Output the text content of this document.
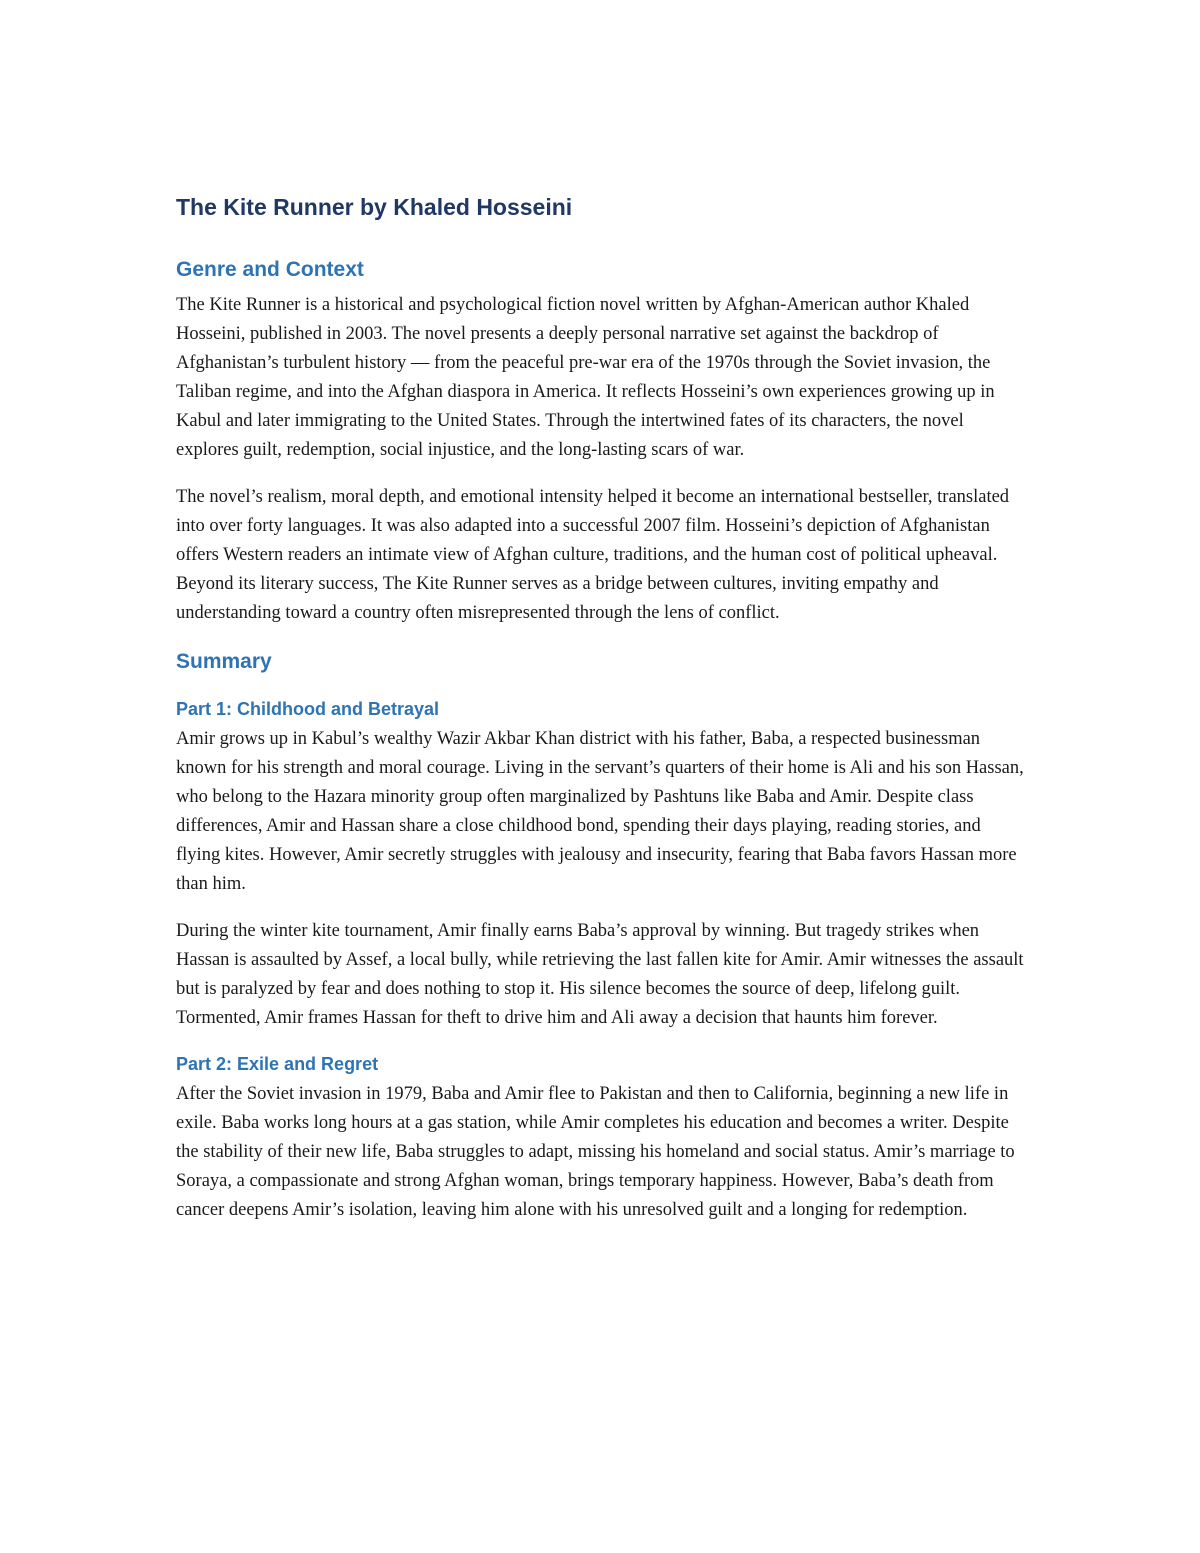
The Kite Runner by Khaled Hosseini
Genre and Context

The Kite Runner is a historical and psychological fiction novel written by Afghan-American author Khaled Hosseini, published in 2003. The novel presents a deeply personal narrative set against the backdrop of Afghanistan’s turbulent history — from the peaceful pre-war era of the 1970s through the Soviet invasion, the Taliban regime, and into the Afghan diaspora in America. It reflects Hosseini’s own experiences growing up in Kabul and later immigrating to the United States. Through the intertwined fates of its characters, the novel explores guilt, redemption, social injustice, and the long-lasting scars of war.

The novel’s realism, moral depth, and emotional intensity helped it become an international bestseller, translated into over forty languages. It was also adapted into a successful 2007 film. Hosseini’s depiction of Afghanistan offers Western readers an intimate view of Afghan culture, traditions, and the human cost of political upheaval. Beyond its literary success, The Kite Runner serves as a bridge between cultures, inviting empathy and understanding toward a country often misrepresented through the lens of conflict.

Summary
Part 1: Childhood and Betrayal

Amir grows up in Kabul’s wealthy Wazir Akbar Khan district with his father, Baba, a respected businessman known for his strength and moral courage. Living in the servant’s quarters of their home is Ali and his son Hassan, who belong to the Hazara minority group often marginalized by Pashtuns like Baba and Amir. Despite class differences, Amir and Hassan share a close childhood bond, spending their days playing, reading stories, and flying kites. However, Amir secretly struggles with jealousy and insecurity, fearing that Baba favors Hassan more than him.

During the winter kite tournament, Amir finally earns Baba’s approval by winning. But tragedy strikes when Hassan is assaulted by Assef, a local bully, while retrieving the last fallen kite for Amir. Amir witnesses the assault but is paralyzed by fear and does nothing to stop it. His silence becomes the source of deep, lifelong guilt. Tormented, Amir frames Hassan for theft to drive him and Ali away a decision that haunts him forever.

Part 2: Exile and Regret

After the Soviet invasion in 1979, Baba and Amir flee to Pakistan and then to California, beginning a new life in exile. Baba works long hours at a gas station, while Amir completes his education and becomes a writer. Despite the stability of their new life, Baba struggles to adapt, missing his homeland and social status. Amir’s marriage to Soraya, a compassionate and strong Afghan woman, brings temporary happiness. However, Baba’s death from cancer deepens Amir’s isolation, leaving him alone with his unresolved guilt and a longing for redemption.
